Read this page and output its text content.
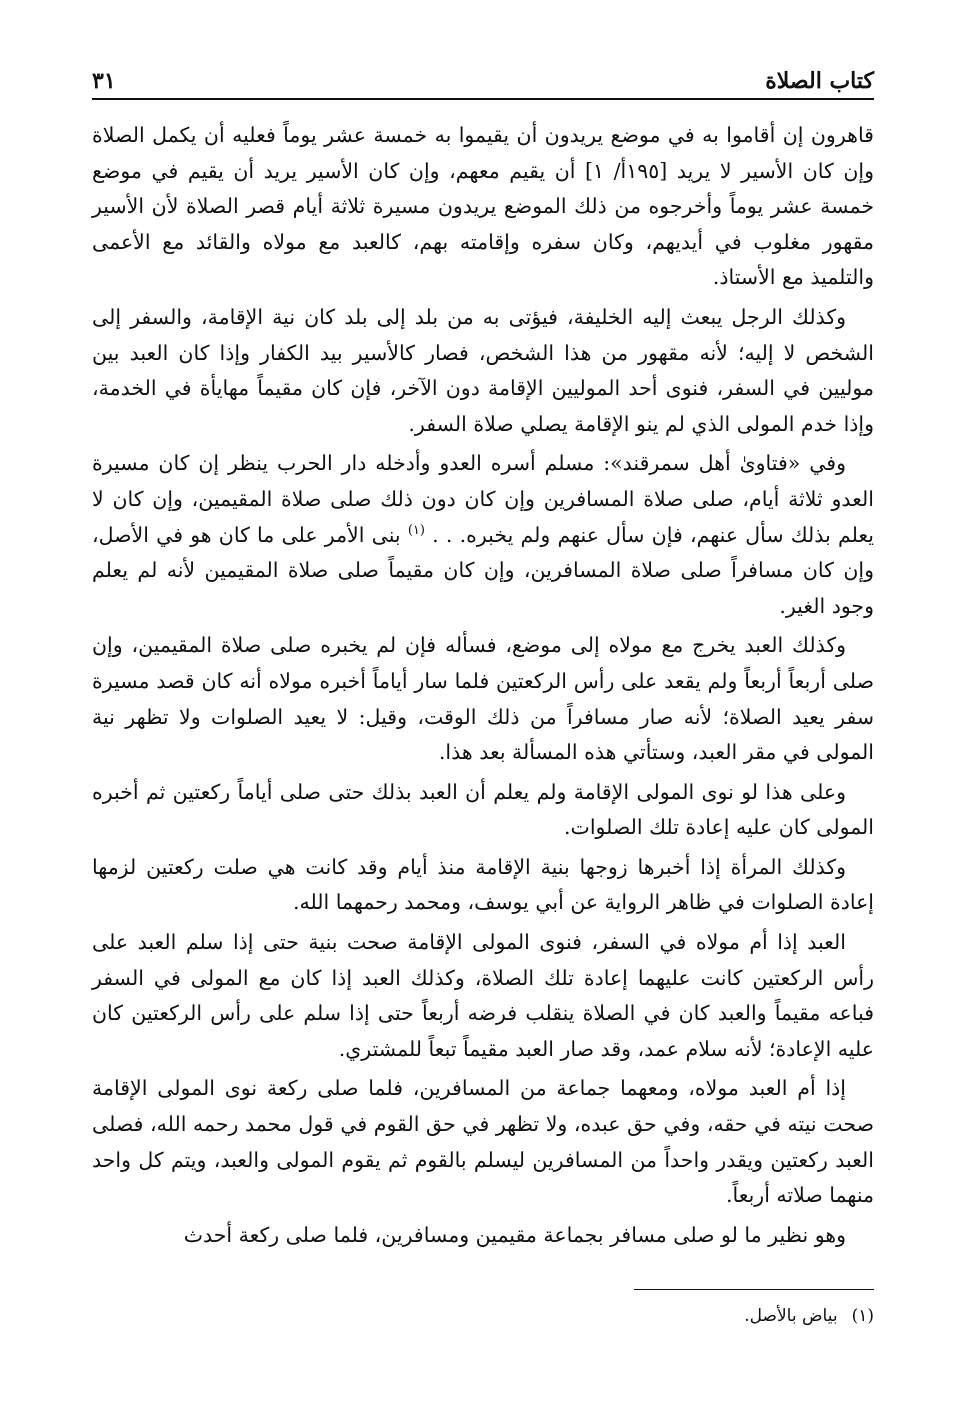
كتاب الصلاة
٣١

قاهرون إن أقاموا به في موضع يريدون أن يقيموا به خمسة عشر يوماً فعليه أن يكمل الصلاة وإن كان الأسير لا يريد [١٩٥أ/ ١] أن يقيم معهم، وإن كان الأسير يريد أن يقيم في موضع خمسة عشر يوماً وأخرجوه من ذلك الموضع يريدون مسيرة ثلاثة أيام قصر الصلاة لأن الأسير مقهور مغلوب في أيديهم، وكان سفره وإقامته بهم، كالعبد مع مولاه والقائد مع الأعمى والتلميذ مع الأستاذ.

وكذلك الرجل يبعث إليه الخليفة، فيؤتى به من بلد إلى بلد كان نية الإقامة، والسفر إلى الشخص لا إليه؛ لأنه مقهور من هذا الشخص، فصار كالأسير بيد الكفار وإذا كان العبد بين موليين في السفر، فنوى أحد الموليين الإقامة دون الآخر، فإن كان مقيماً مهايأة في الخدمة، وإذا خدم المولى الذي لم ينو الإقامة يصلي صلاة السفر.

وفي «فتاوىٰ أهل سمرقند»: مسلم أسره العدو وأدخله دار الحرب ينظر إن كان مسيرة العدو ثلاثة أيام، صلى صلاة المسافرين وإن كان دون ذلك صلى صلاة المقيمين، وإن كان لا يعلم بذلك سأل عنهم، فإن سأل عنهم ولم يخبره. . . $^{(١)}$ بنى الأمر على ما كان هو في الأصل، وإن كان مسافراً صلى صلاة المسافرين، وإن كان مقيماً صلى صلاة المقيمين لأنه لم يعلم وجود الغير.

وكذلك العبد يخرج مع مولاه إلى موضع، فسأله فإن لم يخبره صلى صلاة المقيمين، وإن صلى أربعاً أربعاً ولم يقعد على رأس الركعتين فلما سار أياماً أخبره مولاه أنه كان قصد مسيرة سفر يعيد الصلاة؛ لأنه صار مسافراً من ذلك الوقت، وقيل: لا يعيد الصلوات ولا تظهر نية المولى في مقر العبد، وستأتي هذه المسألة بعد هذا.

وعلى هذا لو نوى المولى الإقامة ولم يعلم أن العبد بذلك حتى صلى أياماً ركعتين ثم أخبره المولى كان عليه إعادة تلك الصلوات.

وكذلك المرأة إذا أخبرها زوجها بنية الإقامة منذ أيام وقد كانت هي صلت ركعتين لزمها إعادة الصلوات في ظاهر الرواية عن أبي يوسف، ومحمد رحمهما الله.

العبد إذا أم مولاه في السفر، فنوى المولى الإقامة صحت بنية حتى إذا سلم العبد على رأس الركعتين كانت عليهما إعادة تلك الصلاة، وكذلك العبد إذا كان مع المولى في السفر فباعه مقيماً والعبد كان في الصلاة ينقلب فرضه أربعاً حتى إذا سلم على رأس الركعتين كان عليه الإعادة؛ لأنه سلام عمد، وقد صار العبد مقيماً تبعاً للمشتري.

إذا أم العبد مولاه، ومعهما جماعة من المسافرين، فلما صلى ركعة نوى المولى الإقامة صحت نيته في حقه، وفي حق عبده، ولا تظهر في حق القوم في قول محمد رحمه الله، فصلى العبد ركعتين ويقدر واحداً من المسافرين ليسلم بالقوم ثم يقوم المولى والعبد، ويتم كل واحد منهما صلاته أربعاً.

وهو نظير ما لو صلى مسافر بجماعة مقيمين ومسافرين، فلما صلى ركعة أحدث

(١)بياض بالأصل.
